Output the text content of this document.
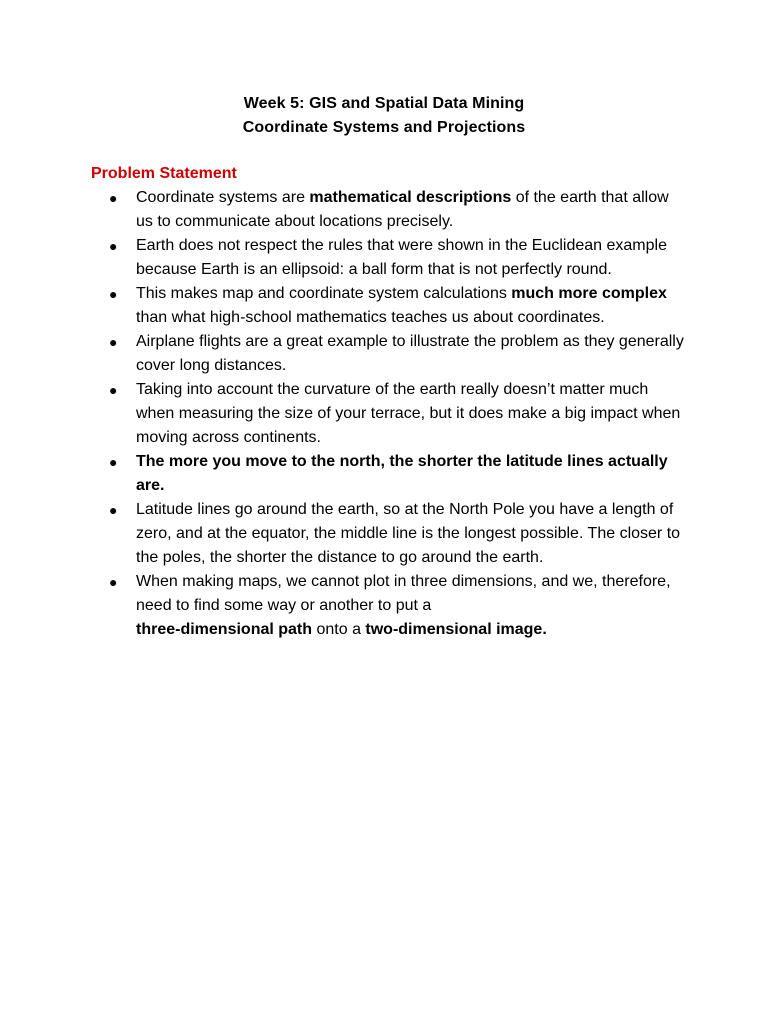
Week 5: GIS and Spatial Data Mining
Coordinate Systems and Projections
Problem Statement
●	Coordinate systems are mathematical descriptions of the earth that allow us to communicate about locations precisely.
●	Earth does not respect the rules that were shown in the Euclidean example because Earth is an ellipsoid: a ball form that is not perfectly round.
●	This makes map and coordinate system calculations much more complex than what high-school mathematics teaches us about coordinates.
●	Airplane flights are a great example to illustrate the problem as they generally cover long distances.
●	Taking into account the curvature of the earth really doesn’t matter much when measuring the size of your terrace, but it does make a big impact when moving across continents.
●	The more you move to the north, the shorter the latitude lines actually are.
●	Latitude lines go around the earth, so at the North Pole you have a length of zero, and at the equator, the middle line is the longest possible. The closer to the poles, the shorter the distance to go around the earth.
●	When making maps, we cannot plot in three dimensions, and we, therefore, need to find some way or another to put a
three-dimensional path onto a two-dimensional image.
